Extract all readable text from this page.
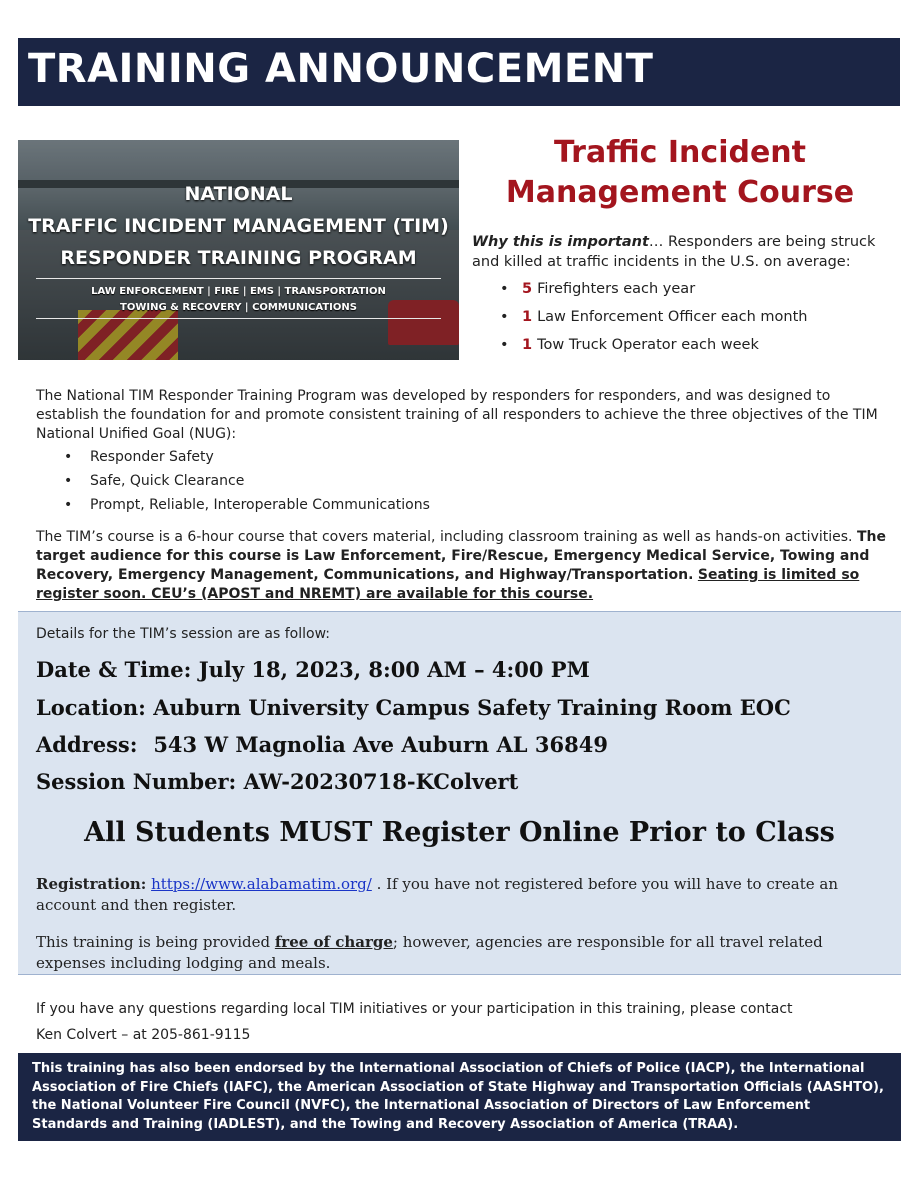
TRAINING ANNOUNCEMENT
NATIONAL
TRAFFIC INCIDENT MANAGEMENT (TIM)
RESPONDER TRAINING PROGRAM
LAW ENFORCEMENT | FIRE | EMS | TRANSPORTATION
TOWING & RECOVERY | COMMUNICATIONS
Traffic Incident
Management Course
Why this is important… Responders are being struck and killed at traffic incidents in the U.S. on average:
• 5 Firefighters each year
• 1 Law Enforcement Officer each month
• 1 Tow Truck Operator each week
The National TIM Responder Training Program was developed by responders for responders, and was designed to establish the foundation for and promote consistent training of all responders to achieve the three objectives of the TIM National Unified Goal (NUG):
• Responder Safety
• Safe, Quick Clearance
• Prompt, Reliable, Interoperable Communications
The TIM’s course is a 6-hour course that covers material, including classroom training as well as hands-on activities. The target audience for this course is Law Enforcement, Fire/Rescue, Emergency Medical Service, Towing and Recovery, Emergency Management, Communications, and Highway/Transportation. Seating is limited so register soon. CEU’s (APOST and NREMT) are available for this course.
Details for the TIM’s session are as follow:
Date & Time: July 18, 2023, 8:00 AM – 4:00 PM
Location: Auburn University Campus Safety Training Room EOC
Address: 543 W Magnolia Ave Auburn AL 36849
Session Number: AW-20230718-KColvert
All Students MUST Register Online Prior to Class
Registration: https://www.alabamatim.org/ . If you have not registered before you will have to create an account and then register.
This training is being provided free of charge; however, agencies are responsible for all travel related expenses including lodging and meals.
If you have any questions regarding local TIM initiatives or your participation in this training, please contact
Ken Colvert – at 205-861-9115
This training has also been endorsed by the International Association of Chiefs of Police (IACP), the International Association of Fire Chiefs (IAFC), the American Association of State Highway and Transportation Officials (AASHTO), the National Volunteer Fire Council (NVFC), the International Association of Directors of Law Enforcement Standards and Training (IADLEST), and the Towing and Recovery Association of America (TRAA).
